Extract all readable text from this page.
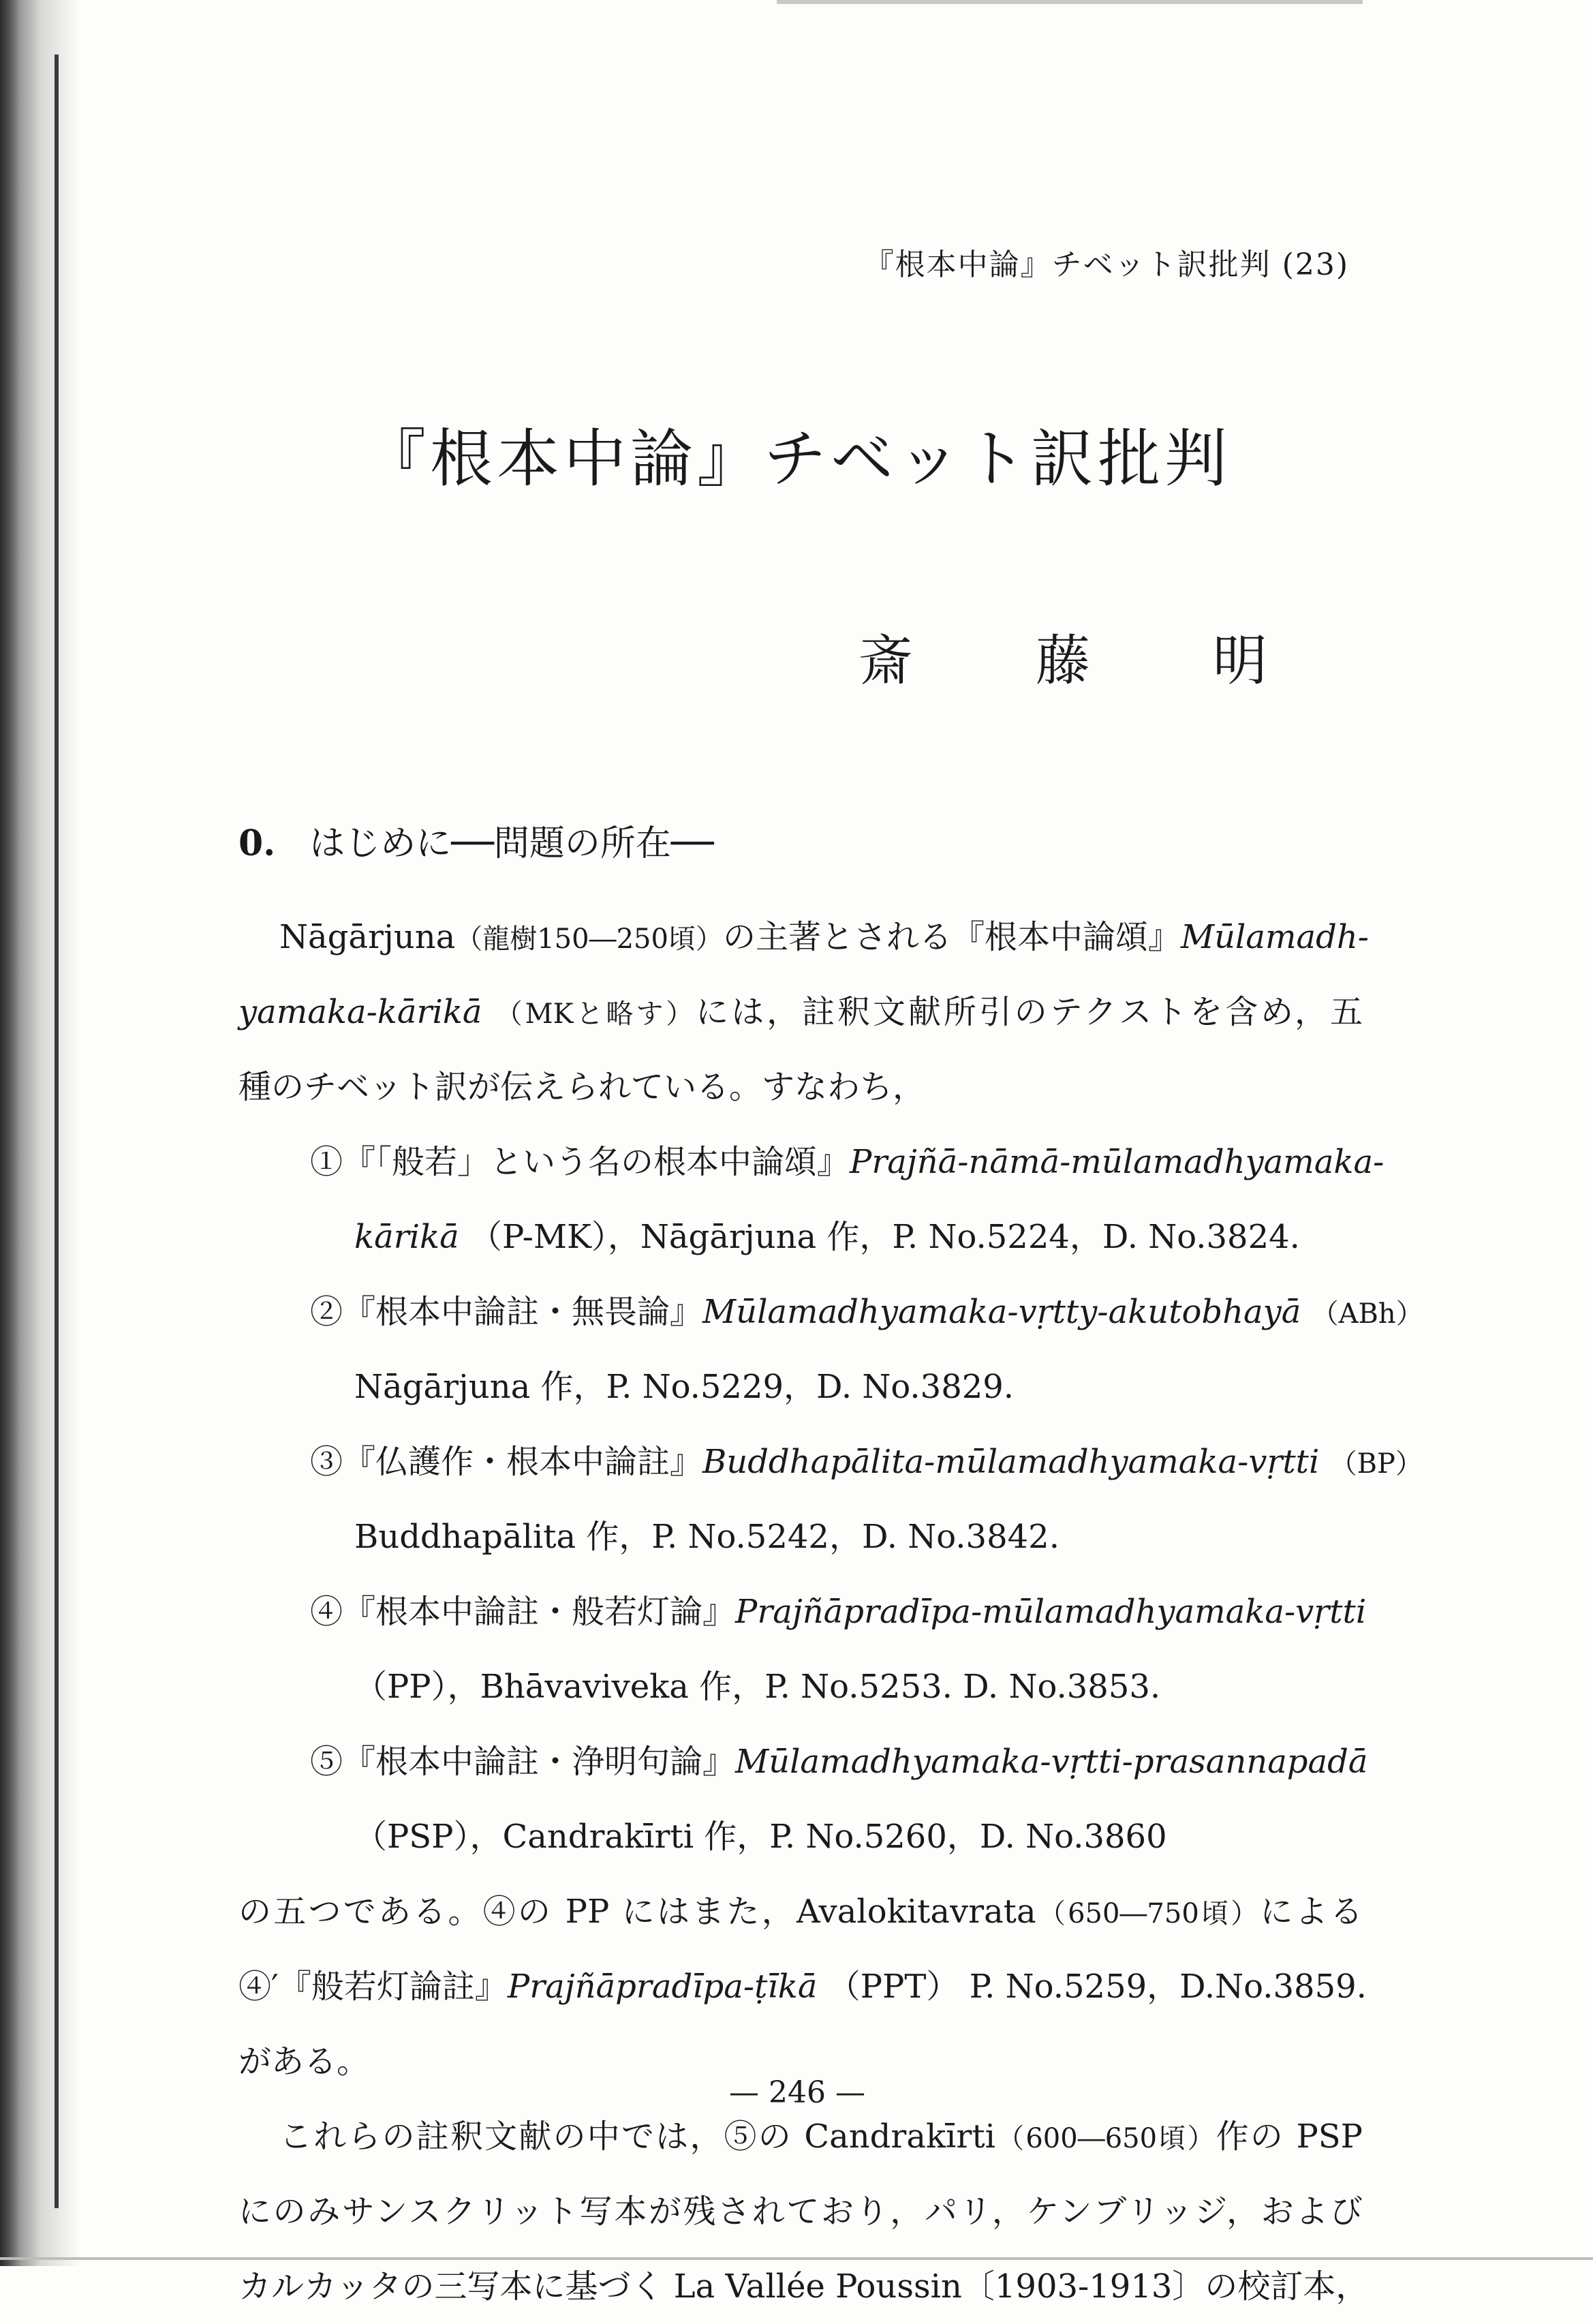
『根本中論』チベット訳批判 (23)
『根本中論』チベット訳批判
斎 藤 明
0. はじめに──問題の所在──
Nāgārjuna（龍樹150―250頃）の主著とされる『根本中論頌』Mūlamadh-
yamaka-kārikā （MKと略す）には，註釈文献所引のテクストを含め，五
種のチベット訳が伝えられている。すなわち，
①『「般若」という名の根本中論頌』Prajñā-nāmā-mūlamadhyamaka-
kārikā （P-MK），Nāgārjuna 作，P. No.5224，D. No.3824.
②『根本中論註・無畏論』Mūlamadhyamaka-vṛtty-akutobhayā （ABh）
Nāgārjuna 作，P. No.5229，D. No.3829.
③『仏護作・根本中論註』Buddhapālita-mūlamadhyamaka-vṛtti （BP）
Buddhapālita 作，P. No.5242，D. No.3842.
④『根本中論註・般若灯論』Prajñāpradīpa-mūlamadhyamaka-vṛtti
（PP），Bhāvaviveka 作，P. No.5253. D. No.3853.
⑤『根本中論註・浄明句論』Mūlamadhyamaka-vṛtti-prasannapadā
（PSP），Candrakīrti 作，P. No.5260，D. No.3860
の五つである。④の PP にはまた，Avalokitavrata（650―750頃）による
④′『般若灯論註』Prajñāpradīpa-ṭīkā （PPT） P. No.5259，D.No.3859.
がある。
これらの註釈文献の中では，⑤の Candrakīrti（600―650頃）作の PSP
にのみサンスクリット写本が残されており，パリ，ケンブリッジ，および
カルカッタの三写本に基づく La Vallée Poussin〔1903-1913〕の校訂本，
— 246 —
